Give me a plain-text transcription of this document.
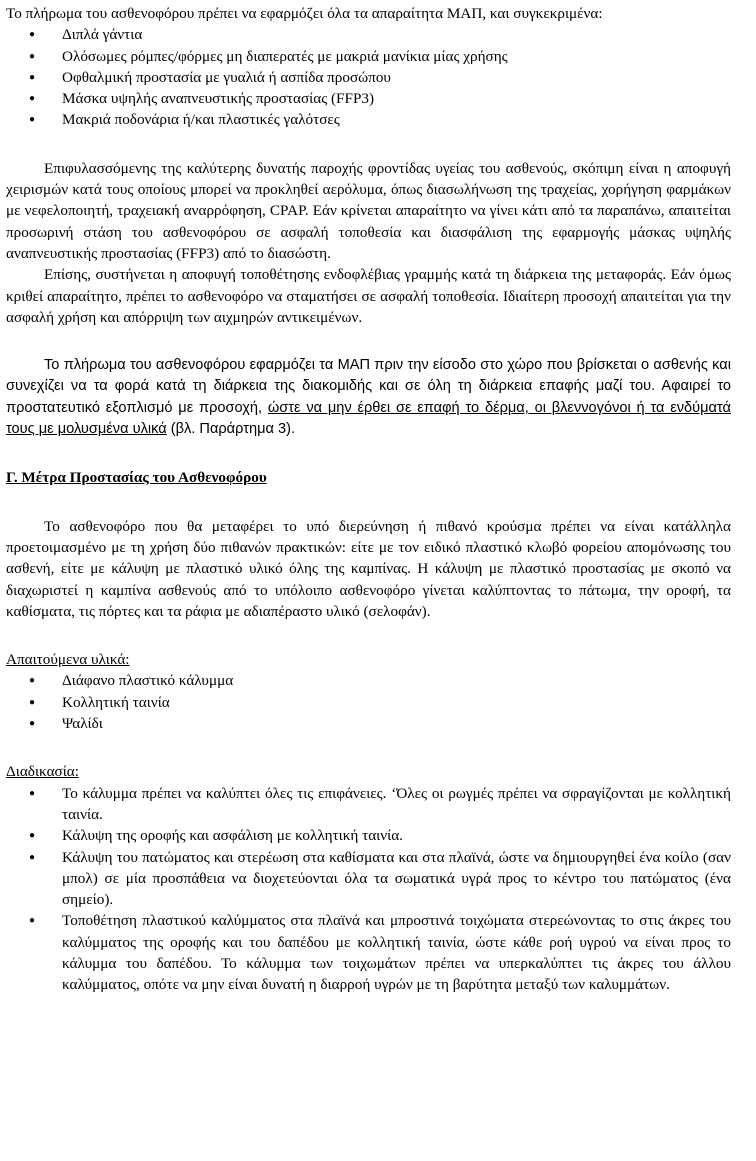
Το πλήρωμα του ασθενοφόρου πρέπει να εφαρμόζει όλα τα απαραίτητα ΜΑΠ, και συγκεκριμένα:

● Διπλά γάντια
● Ολόσωμες ρόμπες/φόρμες μη διαπερατές με μακριά μανίκια μίας χρήσης
● Οφθαλμική προστασία με γυαλιά ή ασπίδα προσώπου
● Μάσκα υψηλής αναπνευστικής προστασίας (FFP3)
● Μακριά ποδονάρια ή/και πλαστικές γαλότσες

Επιφυλασσόμενης της καλύτερης δυνατής παροχής φροντίδας υγείας του ασθενούς, σκόπιμη είναι η αποφυγή χειρισμών κατά τους οποίους μπορεί να προκληθεί αερόλυμα, όπως διασωλήνωση της τραχείας, χορήγηση φαρμάκων με νεφελοποιητή, τραχειακή αναρρόφηση, CPAP. Εάν κρίνεται απαραίτητο να γίνει κάτι από τα παραπάνω, απαιτείται προσωρινή στάση του ασθενοφόρου σε ασφαλή τοποθεσία και διασφάλιση της εφαρμογής μάσκας υψηλής αναπνευστικής προστασίας (FFP3) από το διασώστη.

Επίσης, συστήνεται η αποφυγή τοποθέτησης ενδοφλέβιας γραμμής κατά τη διάρκεια της μεταφοράς. Εάν όμως κριθεί απαραίτητο, πρέπει το ασθενοφόρο να σταματήσει σε ασφαλή τοποθεσία. Ιδιαίτερη προσοχή απαιτείται για την ασφαλή χρήση και απόρριψη των αιχμηρών αντικειμένων.

Το πλήρωμα του ασθενοφόρου εφαρμόζει τα ΜΑΠ πριν την είσοδο στο χώρο που βρίσκεται ο ασθενής και συνεχίζει να τα φορά κατά τη διάρκεια της διακομιδής και σε όλη τη διάρκεια επαφής μαζί του. Αφαιρεί το προστατευτικό εξοπλισμό με προσοχή, ώστε να μην έρθει σε επαφή το δέρμα, οι βλεννογόνοι ή τα ενδύματά τους με μολυσμένα υλικά (βλ. Παράρτημα 3).

Γ. Μέτρα Προστασίας του Ασθενοφόρου

Το ασθενοφόρο που θα μεταφέρει το υπό διερεύνηση ή πιθανό κρούσμα πρέπει να είναι κατάλληλα προετοιμασμένο με τη χρήση δύο πιθανών πρακτικών: είτε με τον ειδικό πλαστικό κλωβό φορείου απομόνωσης του ασθενή, είτε με κάλυψη με πλαστικό υλικό όλης της καμπίνας. Η κάλυψη με πλαστικό προστασίας με σκοπό να διαχωριστεί η καμπίνα ασθενούς από το υπόλοιπο ασθενοφόρο γίνεται καλύπτοντας το πάτωμα, την οροφή, τα καθίσματα, τις πόρτες και τα ράφια με αδιαπέραστο υλικό (σελοφάν).

Απαιτούμενα υλικά:

● Διάφανο πλαστικό κάλυμμα
● Κολλητική ταινία
● Ψαλίδι

Διαδικασία:

● Το κάλυμμα πρέπει να καλύπτει όλες τις επιφάνειες. ‘Όλες οι ρωγμές πρέπει να σφραγίζονται με κολλητική ταινία.
● Κάλυψη της οροφής και ασφάλιση με κολλητική ταινία.
● Κάλυψη του πατώματος και στερέωση στα καθίσματα και στα πλαϊνά, ώστε να δημιουργηθεί ένα κοίλο (σαν μπολ) σε μία προσπάθεια να διοχετεύονται όλα τα σωματικά υγρά προς το κέντρο του πατώματος (ένα σημείο).
● Τοποθέτηση πλαστικού καλύμματος στα πλαϊνά και μπροστινά τοιχώματα στερεώνοντας το στις άκρες του καλύμματος της οροφής και του δαπέδου με κολλητική ταινία, ώστε κάθε ροή υγρού να είναι προς το κάλυμμα του δαπέδου. Το κάλυμμα των τοιχωμάτων πρέπει να υπερκαλύπτει τις άκρες του άλλου καλύμματος, οπότε να μην είναι δυνατή η διαρροή υγρών με τη βαρύτητα μεταξύ των καλυμμάτων.
